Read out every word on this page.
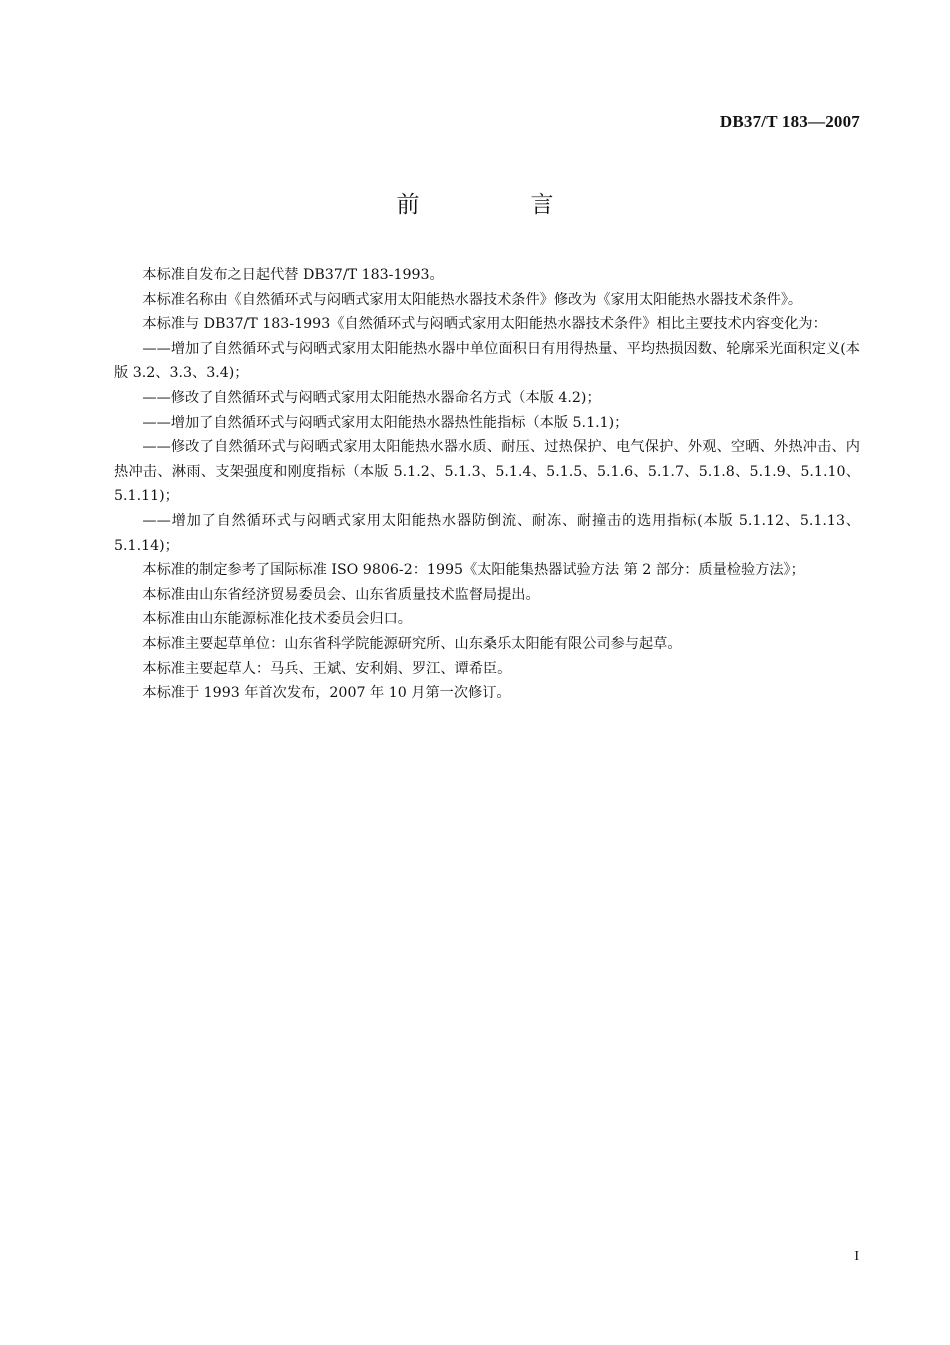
DB37/T 183—2007
前　言

本标准自发布之日起代替 DB37/T 183-1993。

本标准名称由《自然循环式与闷晒式家用太阳能热水器技术条件》修改为《家用太阳能热水器技术条件》。

本标准与 DB37/T 183-1993《自然循环式与闷晒式家用太阳能热水器技术条件》相比主要技术内容变化为：

——增加了自然循环式与闷晒式家用太阳能热水器中单位面积日有用得热量、平均热损因数、轮廓采光面积定义(本版 3.2、3.3、3.4)；

——修改了自然循环式与闷晒式家用太阳能热水器命名方式（本版 4.2)；

——增加了自然循环式与闷晒式家用太阳能热水器热性能指标（本版 5.1.1)；

——修改了自然循环式与闷晒式家用太阳能热水器水质、耐压、过热保护、电气保护、外观、空晒、外热冲击、内热冲击、淋雨、支架强度和刚度指标（本版 5.1.2、5.1.3、5.1.4、5.1.5、5.1.6、5.1.7、5.1.8、5.1.9、5.1.10、5.1.11)；

——增加了自然循环式与闷晒式家用太阳能热水器防倒流、耐冻、耐撞击的选用指标(本版 5.1.12、5.1.13、5.1.14)；

本标准的制定参考了国际标准 ISO 9806-2：1995《太阳能集热器试验方法 第 2 部分：质量检验方法》；

本标准由山东省经济贸易委员会、山东省质量技术监督局提出。

本标准由山东能源标准化技术委员会归口。

本标准主要起草单位：山东省科学院能源研究所、山东桑乐太阳能有限公司参与起草。

本标准主要起草人：马兵、王斌、安利娟、罗江、谭希臣。

本标准于 1993 年首次发布，2007 年 10 月第一次修订。

I
